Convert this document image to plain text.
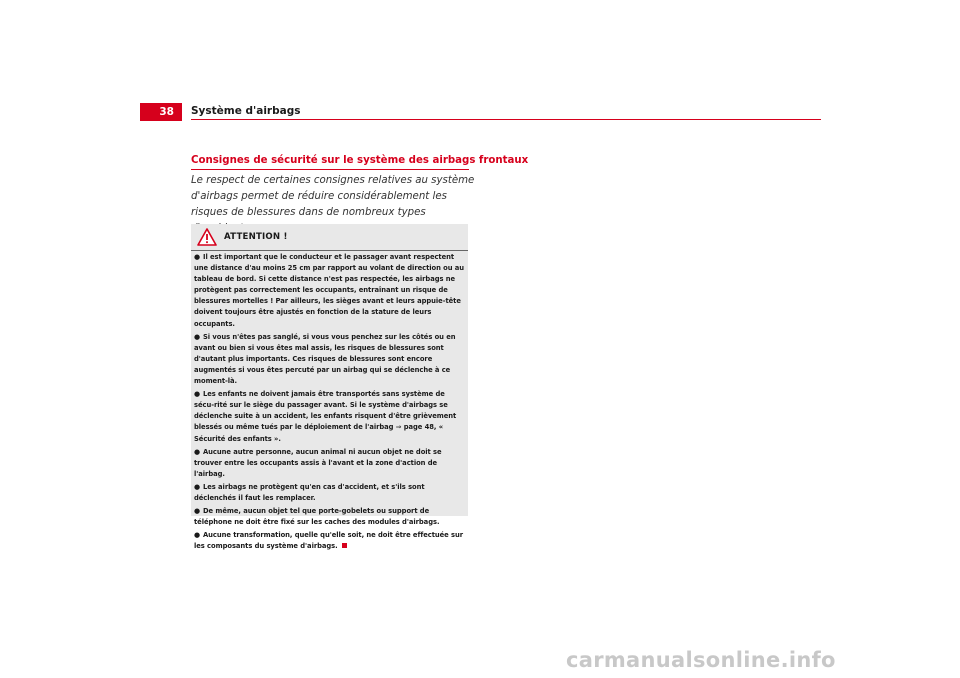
38	Système d'airbags
Consignes de sécurité sur le système des airbags frontaux
Le respect de certaines consignes relatives au système d'airbags permet de réduire considérablement les risques de blessures dans de nombreux types
ATTENTION !
● Il est important que le conducteur et le passager avant respectent une distance d'au moins 25 cm par rapport au volant de direction ou au tableau de bord. Si cette distance n'est pas respectée, les airbags ne protègent pas correctement les occupants, entraînant un risque de blessures mortelles ! Par ailleurs, les sièges avant et leurs appuie-tête doivent toujours être ajustés en fonction de la stature de leurs occupants.
● Si vous n'êtes pas sanglé, si vous vous penchez sur les côtés ou en avant ou bien si vous êtes mal assis, les risques de blessures sont d'autant plus importants. Ces risques de blessures sont encore augmentés si vous êtes percuté par un airbag qui se déclenche à ce moment-là.
● Les enfants ne doivent jamais être transportés sans système de sécu-rité sur le siège du passager avant. Si le système d'airbags se déclenche suite à un accident, les enfants risquent d'être grièvement blessés ou même tués par le déploiement de l'airbag ⇒ page 48, « Sécurité des enfants ».
● Aucune autre personne, aucun animal ni aucun objet ne doit se trouver entre les occupants assis à l'avant et la zone d'action de l'airbag.
● Les airbags ne protègent qu'en cas d'accident, et s'ils sont déclenchés il faut les remplacer.
● De même, aucun objet tel que porte-gobelets ou support de téléphone ne doit être fixé sur les caches des modules d'airbags.
● Aucune transformation, quelle qu'elle soit, ne doit être effectuée sur les composants du système d'airbags.
carmanualsonline.info
